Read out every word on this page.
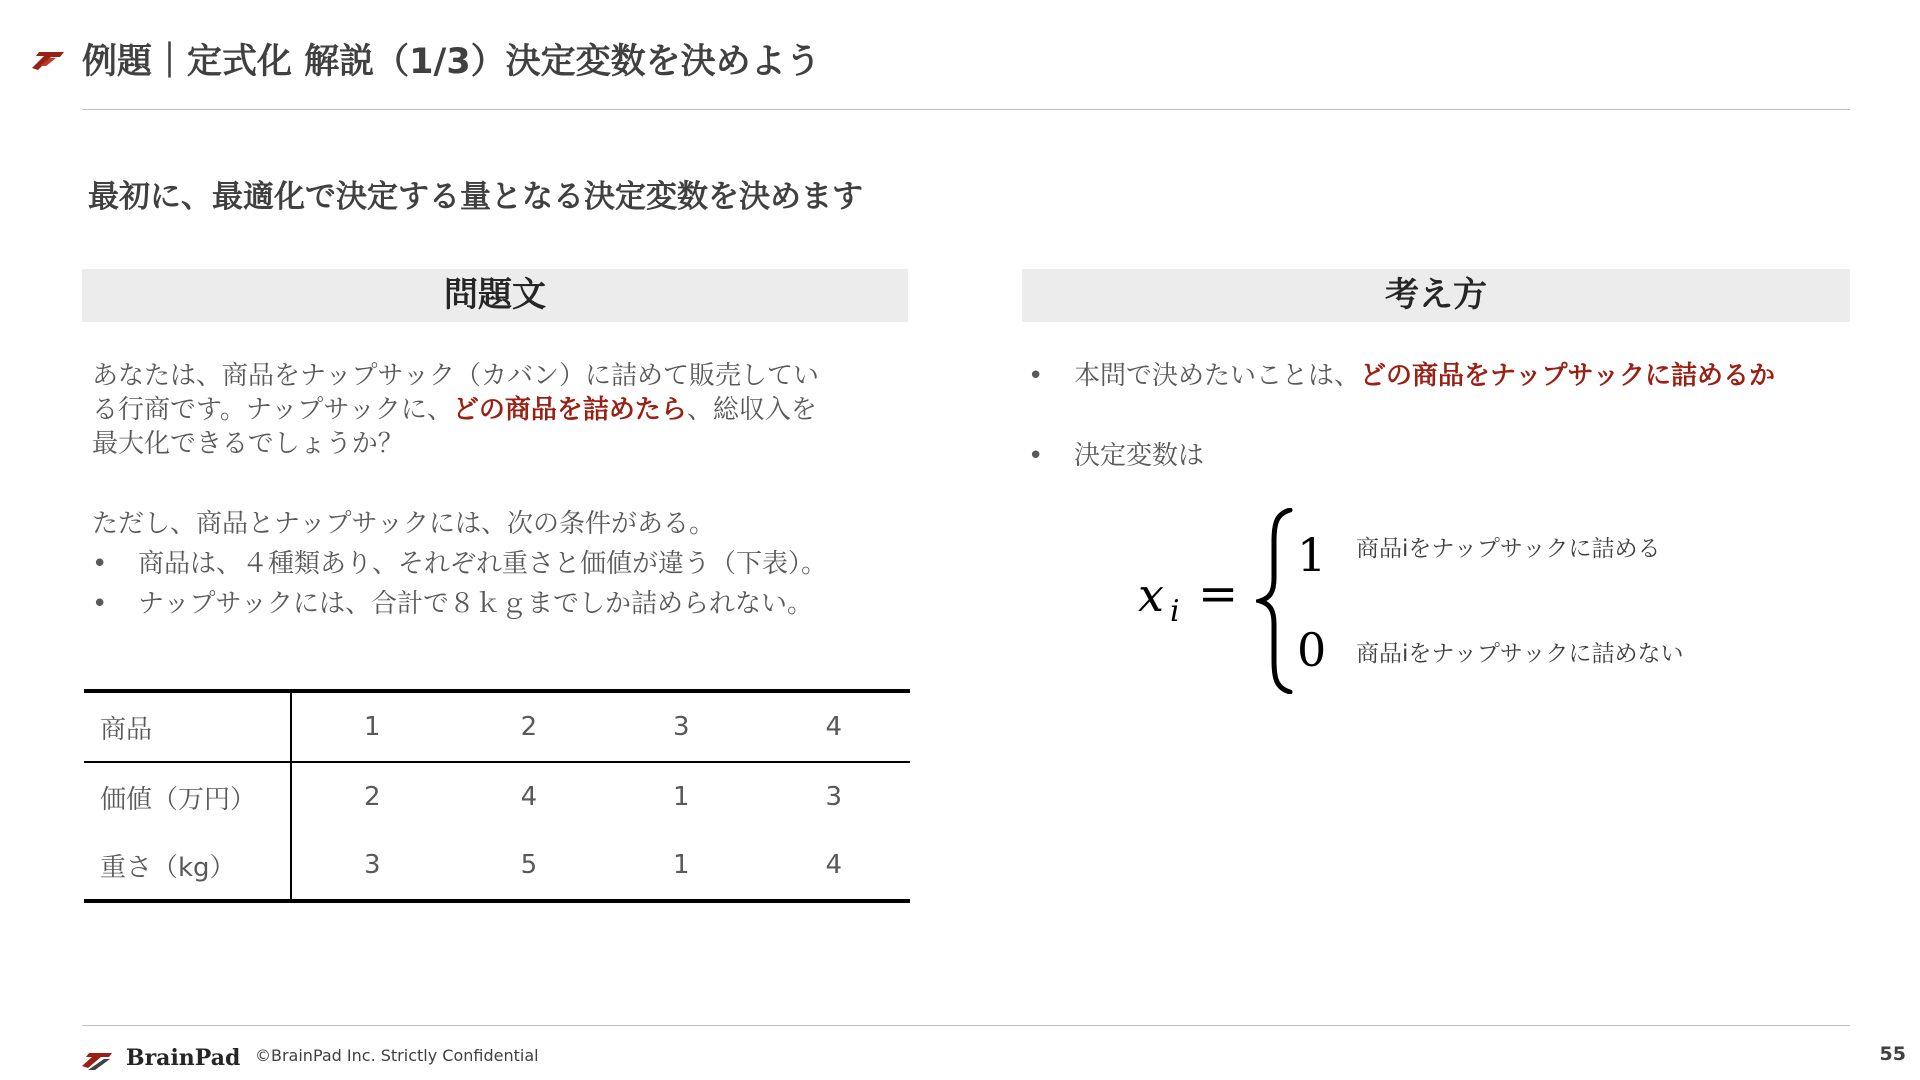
例題｜定式化 解説（1/3）決定変数を決めよう
最初に、最適化で決定する量となる決定変数を決めます
問題文

あなたは、商品をナップサック（カバン）に詰めて販売してい

る行商です。ナップサックに、どの商品を詰めたら、総収入を

最大化できるでしょうか？

ただし、商品とナップサックには、次の条件がある。
• 商品は、４種類あり、それぞれ重さと価値が違う（下表）。
• ナップサックには、合計で８ｋｇまでしか詰められない。
商品	1	2	3	4
価値（万円）	2	4	1	3
重さ（kg）	3	5	1	4
考え方
• 本問で決めたいことは、どの商品をナップサックに詰めるか
• 決定変数は
x i =
1
0
商品iをナップサックに詰める
商品iをナップサックに詰めない
BrainPad ©BrainPad Inc. Strictly Confidential	55
